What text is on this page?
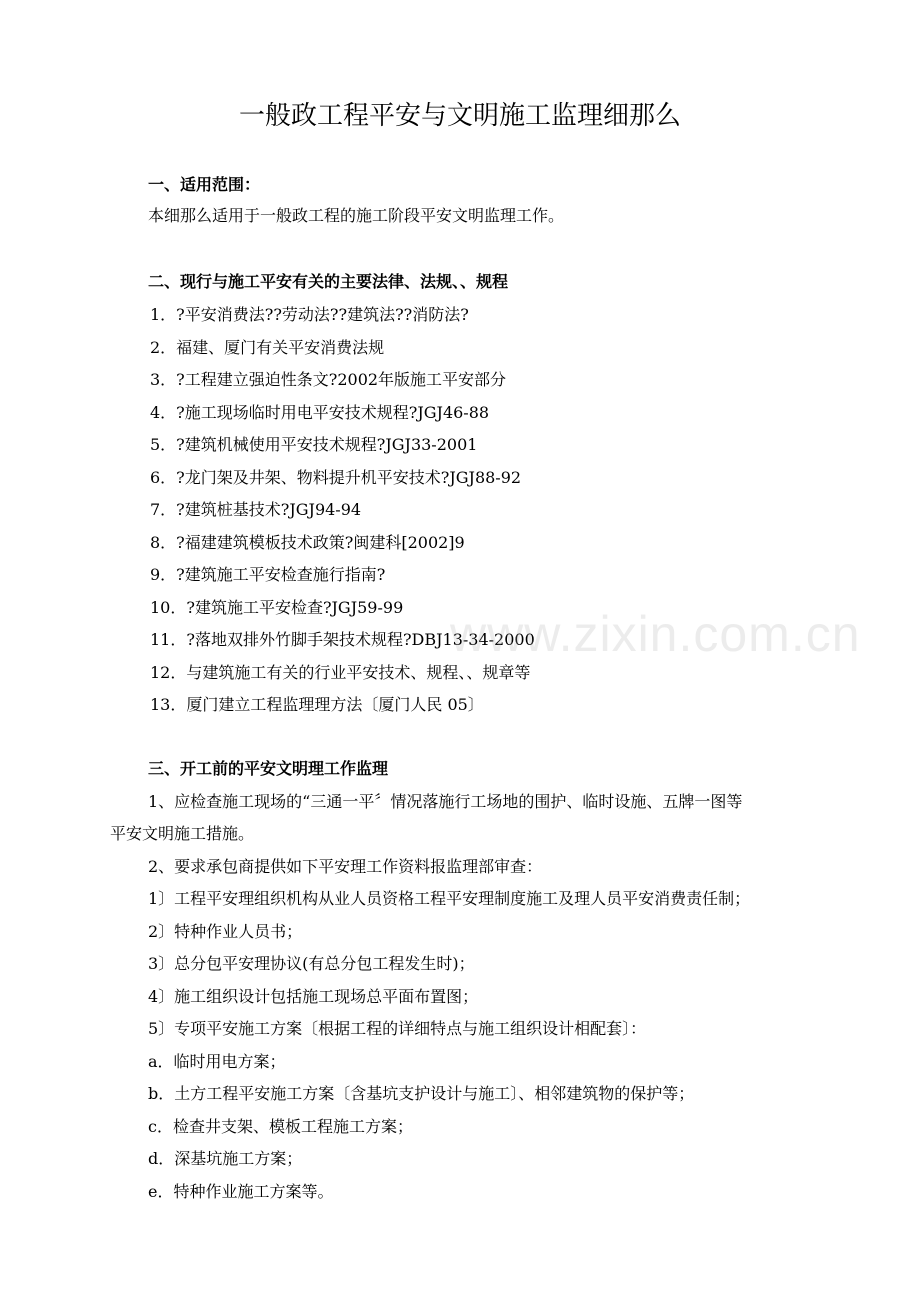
一般政工程平安与文明施工监理细那么
一、适用范围：
本细那么适用于一般政工程的施工阶段平安文明监理工作。
二、现行与施工平安有关的主要法律、法规、、规程
1．?平安消费法??劳动法??建筑法??消防法?
2．福建、厦门有关平安消费法规
3．?工程建立强迫性条文?2002年版施工平安部分
4．?施工现场临时用电平安技术规程?JGJ46-88
5．?建筑机械使用平安技术规程?JGJ33-2001
6．?龙门架及井架、物料提升机平安技术?JGJ88-92
7．?建筑桩基技术?JGJ94-94
8．?福建建筑模板技术政策?闽建科[2002]9
9．?建筑施工平安检查施行指南?
10．?建筑施工平安检查?JGJ59-99
11．?落地双排外竹脚手架技术规程?DBJ13-34-2000
12．与建筑施工有关的行业平安技术、规程、、规章等
13．厦门建立工程监理理方法〔厦门人民 05〕
三、开工前的平安文明理工作监理
1、应检查施工现场的“三通一平〞情况落施行工场地的围护、临时设施、五牌一图等
平安文明施工措施。
2、要求承包商提供如下平安理工作资料报监理部审查：
1〕工程平安理组织机构从业人员资格工程平安理制度施工及理人员平安消费责任制；
2〕特种作业人员书；
3〕总分包平安理协议(有总分包工程发生时)；
4〕施工组织设计包括施工现场总平面布置图；
5〕专项平安施工方案〔根据工程的详细特点与施工组织设计相配套〕：
a．临时用电方案；
b．土方工程平安施工方案〔含基坑支护设计与施工〕、相邻建筑物的保护等；
c．检查井支架、模板工程施工方案；
d．深基坑施工方案；
e．特种作业施工方案等。
www.zixin.com.cn
